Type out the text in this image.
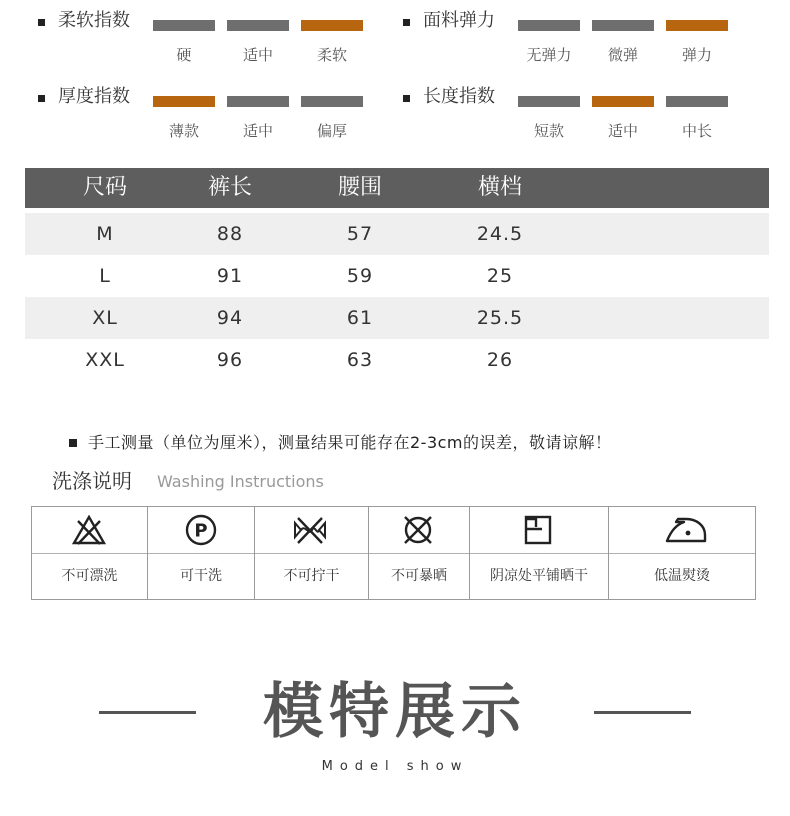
柔软指数
硬	适中	柔软
面料弹力
无弹力	微弹	弹力
厚度指数
薄款	适中	偏厚
长度指数
短款	适中	中长
尺码	裤长	腰围	横档
M	88	57	24.5
L	91	59	25
XL	94	61	25.5
XXL	96	63	26
手工测量（单位为厘米），测量结果可能存在2-3cm的误差，敬请谅解！
洗涤说明 Washing Instructions
P
不可漂洗	可干洗	不可拧干	不可暴晒	阴凉处平铺晒干	低温熨烫
模特展示
Model show
